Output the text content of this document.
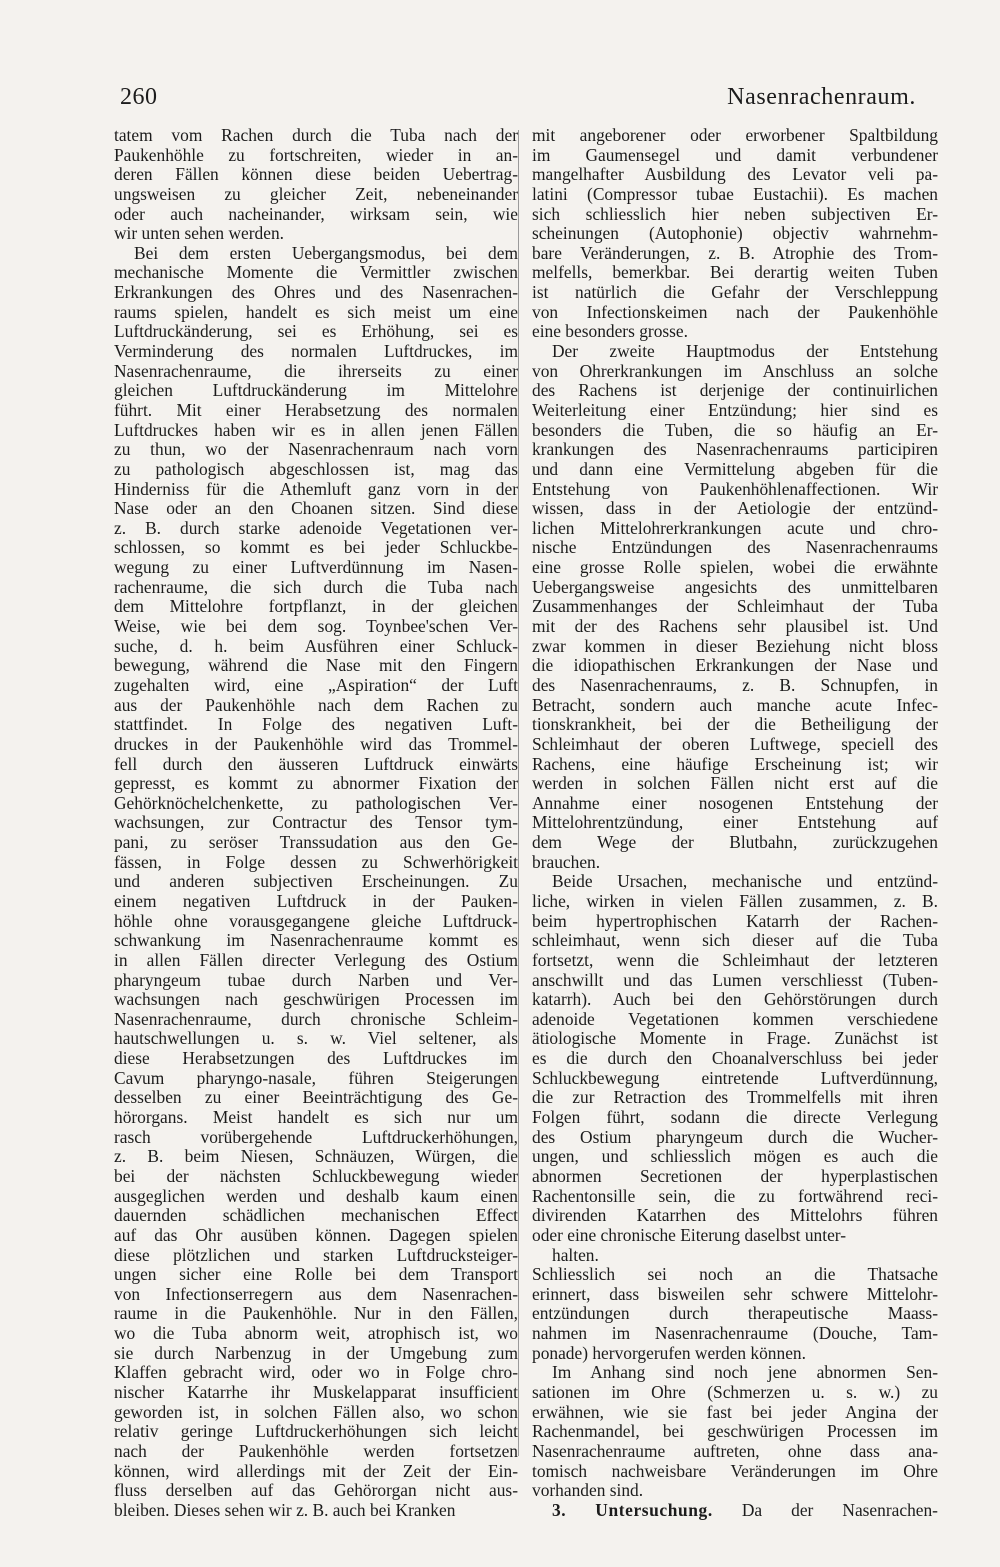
260	Nasenrachenraum.
tatem vom Rachen durch die Tuba nach der
Paukenhöhle zu fortschreiten, wieder in an-
deren Fällen können diese beiden Uebertrag-
ungsweisen zu gleicher Zeit, nebeneinander
oder auch nacheinander, wirksam sein, wie
wir unten sehen werden.
Bei dem ersten Uebergangsmodus, bei dem
mechanische Momente die Vermittler zwischen
Erkrankungen des Ohres und des Nasenrachen-
raums spielen, handelt es sich meist um eine
Luftdruckänderung, sei es Erhöhung, sei es
Verminderung des normalen Luftdruckes, im
Nasenrachenraume, die ihrerseits zu einer
gleichen Luftdruckänderung im Mittelohre
führt. Mit einer Herabsetzung des normalen
Luftdruckes haben wir es in allen jenen Fällen
zu thun, wo der Nasenrachenraum nach vorn
zu pathologisch abgeschlossen ist, mag das
Hinderniss für die Athemluft ganz vorn in der
Nase oder an den Choanen sitzen. Sind diese
z. B. durch starke adenoide Vegetationen ver-
schlossen, so kommt es bei jeder Schluckbe-
wegung zu einer Luftverdünnung im Nasen-
rachenraume, die sich durch die Tuba nach
dem Mittelohre fortpflanzt, in der gleichen
Weise, wie bei dem sog. Toynbee'schen Ver-
suche, d. h. beim Ausführen einer Schluck-
bewegung, während die Nase mit den Fingern
zugehalten wird, eine „Aspiration“ der Luft
aus der Paukenhöhle nach dem Rachen zu
stattfindet. In Folge des negativen Luft-
druckes in der Paukenhöhle wird das Trommel-
fell durch den äusseren Luftdruck einwärts
gepresst, es kommt zu abnormer Fixation der
Gehörknöchelchenkette, zu pathologischen Ver-
wachsungen, zur Contractur des Tensor tym-
pani, zu seröser Transsudation aus den Ge-
fässen, in Folge dessen zu Schwerhörigkeit
und anderen subjectiven Erscheinungen. Zu
einem negativen Luftdruck in der Pauken-
höhle ohne vorausgegangene gleiche Luftdruck-
schwankung im Nasenrachenraume kommt es
in allen Fällen directer Verlegung des Ostium
pharyngeum tubae durch Narben und Ver-
wachsungen nach geschwürigen Processen im
Nasenrachenraume, durch chronische Schleim-
hautschwellungen u. s. w. Viel seltener, als
diese Herabsetzungen des Luftdruckes im
Cavum pharyngo-nasale, führen Steigerungen
desselben zu einer Beeinträchtigung des Ge-
hörorgans. Meist handelt es sich nur um
rasch vorübergehende Luftdruckerhöhungen,
z. B. beim Niesen, Schnäuzen, Würgen, die
bei der nächsten Schluckbewegung wieder
ausgeglichen werden und deshalb kaum einen
dauernden schädlichen mechanischen Effect
auf das Ohr ausüben können. Dagegen spielen
diese plötzlichen und starken Luftdrucksteiger-
ungen sicher eine Rolle bei dem Transport
von Infectionserregern aus dem Nasenrachen-
raume in die Paukenhöhle. Nur in den Fällen,
wo die Tuba abnorm weit, atrophisch ist, wo
sie durch Narbenzug in der Umgebung zum
Klaffen gebracht wird, oder wo in Folge chro-
nischer Katarrhe ihr Muskelapparat insufficient
geworden ist, in solchen Fällen also, wo schon
relativ geringe Luftdruckerhöhungen sich leicht
nach der Paukenhöhle werden fortsetzen
können, wird allerdings mit der Zeit der Ein-
fluss derselben auf das Gehörorgan nicht aus-
bleiben. Dieses sehen wir z. B. auch bei Kranken
mit angeborener oder erworbener Spaltbildung
im Gaumensegel und damit verbundener
mangelhafter Ausbildung des Levator veli pa-
latini (Compressor tubae Eustachii). Es machen
sich schliesslich hier neben subjectiven Er-
scheinungen (Autophonie) objectiv wahrnehm-
bare Veränderungen, z. B. Atrophie des Trom-
melfells, bemerkbar. Bei derartig weiten Tuben
ist natürlich die Gefahr der Verschleppung
von Infectionskeimen nach der Paukenhöhle
eine besonders grosse.
Der zweite Hauptmodus der Entstehung
von Ohrerkrankungen im Anschluss an solche
des Rachens ist derjenige der continuirlichen
Weiterleitung einer Entzündung; hier sind es
besonders die Tuben, die so häufig an Er-
krankungen des Nasenrachenraums participiren
und dann eine Vermittelung abgeben für die
Entstehung von Paukenhöhlenaffectionen. Wir
wissen, dass in der Aetiologie der entzünd-
lichen Mittelohrerkrankungen acute und chro-
nische Entzündungen des Nasenrachenraums
eine grosse Rolle spielen, wobei die erwähnte
Uebergangsweise angesichts des unmittelbaren
Zusammenhanges der Schleimhaut der Tuba
mit der des Rachens sehr plausibel ist. Und
zwar kommen in dieser Beziehung nicht bloss
die idiopathischen Erkrankungen der Nase und
des Nasenrachenraums, z. B. Schnupfen, in
Betracht, sondern auch manche acute Infec-
tionskrankheit, bei der die Betheiligung der
Schleimhaut der oberen Luftwege, speciell des
Rachens, eine häufige Erscheinung ist; wir
werden in solchen Fällen nicht erst auf die
Annahme einer nosogenen Entstehung der
Mittelohrentzündung, einer Entstehung auf
dem Wege der Blutbahn, zurückzugehen
brauchen.
Beide Ursachen, mechanische und entzünd-
liche, wirken in vielen Fällen zusammen, z. B.
beim hypertrophischen Katarrh der Rachen-
schleimhaut, wenn sich dieser auf die Tuba
fortsetzt, wenn die Schleimhaut der letzteren
anschwillt und das Lumen verschliesst (Tuben-
katarrh). Auch bei den Gehörstörungen durch
adenoide Vegetationen kommen verschiedene
ätiologische Momente in Frage. Zunächst ist
es die durch den Choanalverschluss bei jeder
Schluckbewegung eintretende Luftverdünnung,
die zur Retraction des Trommelfells mit ihren
Folgen führt, sodann die directe Verlegung
des Ostium pharyngeum durch die Wucher-
ungen, und schliesslich mögen es auch die
abnormen Secretionen der hyperplastischen
Rachentonsille sein, die zu fortwährend reci-
divirenden Katarrhen des Mittelohrs führen
oder eine chronische Eiterung daselbst unter-
halten.
Schliesslich sei noch an die Thatsache
erinnert, dass bisweilen sehr schwere Mittelohr-
entzündungen durch therapeutische Maass-
nahmen im Nasenrachenraume (Douche, Tam-
ponade) hervorgerufen werden können.
Im Anhang sind noch jene abnormen Sen-
sationen im Ohre (Schmerzen u. s. w.) zu
erwähnen, wie sie fast bei jeder Angina der
Rachenmandel, bei geschwürigen Processen im
Nasenrachenraume auftreten, ohne dass ana-
tomisch nachweisbare Veränderungen im Ohre
vorhanden sind.
3. Untersuchung. Da der Nasenrachen-
